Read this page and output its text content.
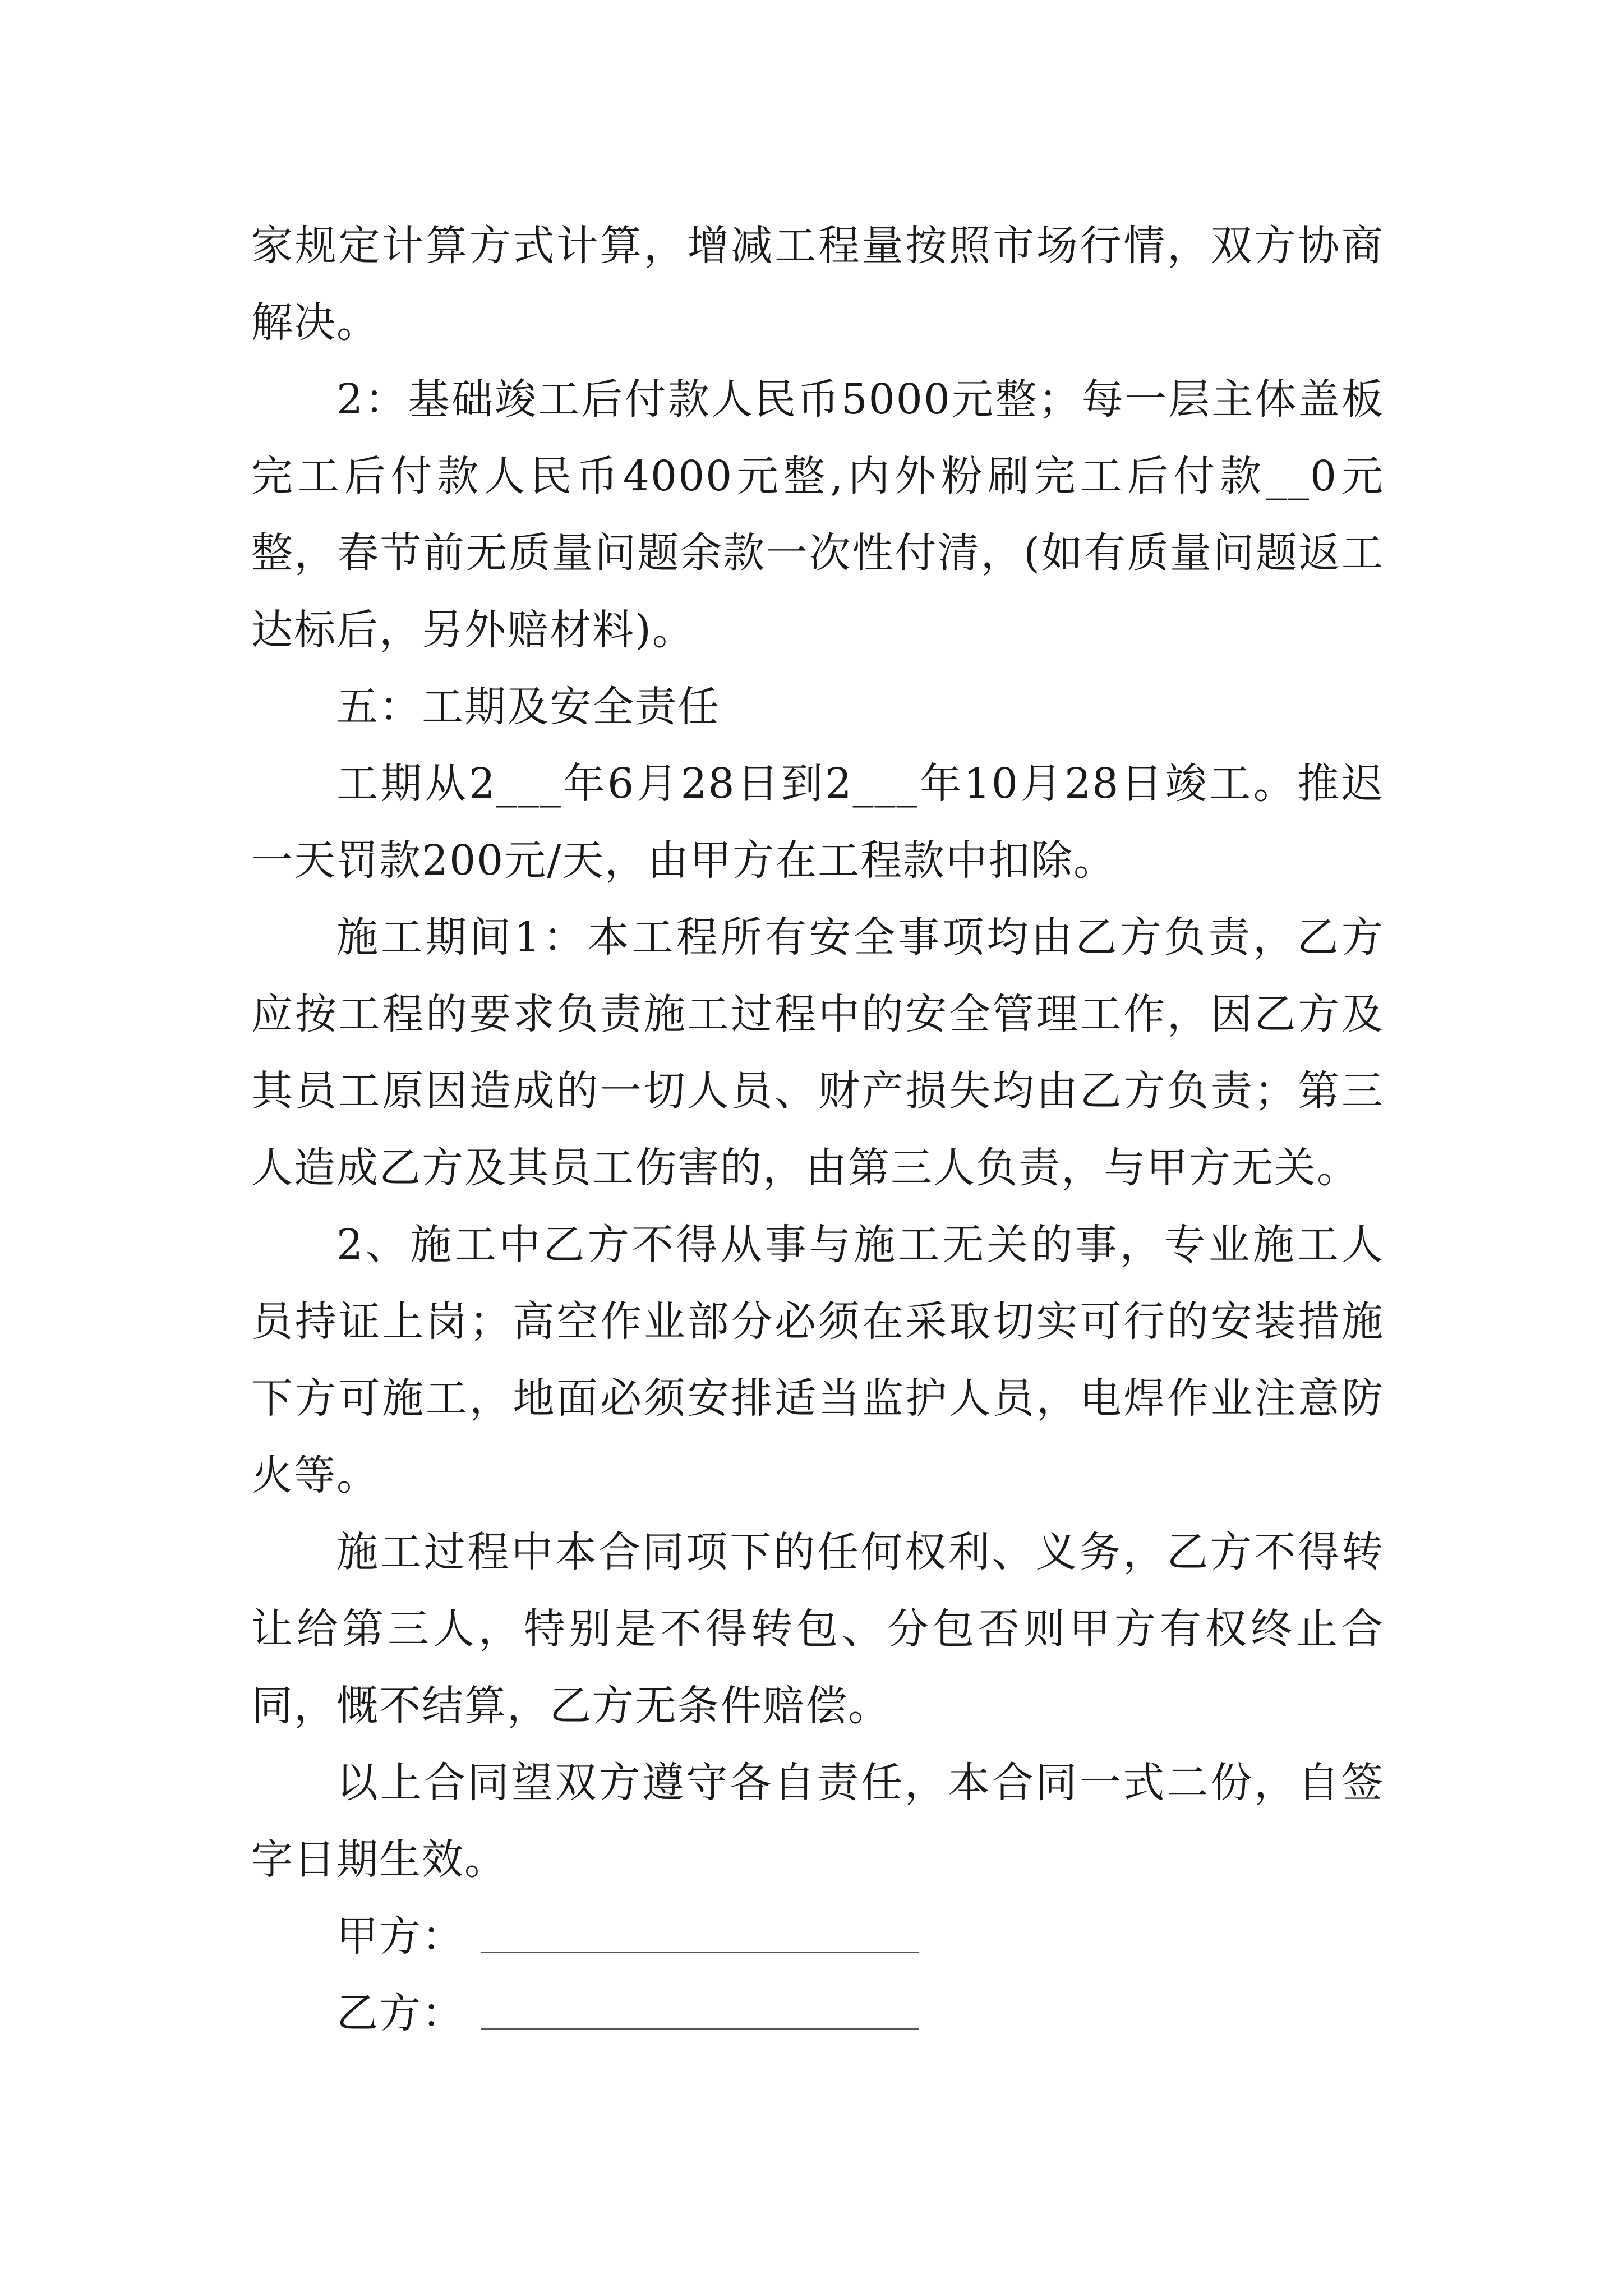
家规定计算方式计算，增减工程量按照市场行情，双方协商解决。

2：基础竣工后付款人民币5000元整；每一层主体盖板完工后付款人民币4000元整,内外粉刷完工后付款__0元整，春节前无质量问题余款一次性付清，(如有质量问题返工达标后，另外赔材料)。

五：工期及安全责任

工期从2___年6月28日到2___年10月28日竣工。推迟一天罚款200元/天，由甲方在工程款中扣除。

施工期间1：本工程所有安全事项均由乙方负责，乙方应按工程的要求负责施工过程中的安全管理工作，因乙方及其员工原因造成的一切人员、财产损失均由乙方负责；第三人造成乙方及其员工伤害的，由第三人负责，与甲方无关。

2、施工中乙方不得从事与施工无关的事，专业施工人员持证上岗；高空作业部分必须在采取切实可行的安装措施下方可施工，地面必须安排适当监护人员，电焊作业注意防火等。

施工过程中本合同项下的任何权利、义务，乙方不得转让给第三人，特别是不得转包、分包否则甲方有权终止合同，慨不结算，乙方无条件赔偿。

以上合同望双方遵守各自责任，本合同一式二份，自签字日期生效。

甲方：
乙方：
